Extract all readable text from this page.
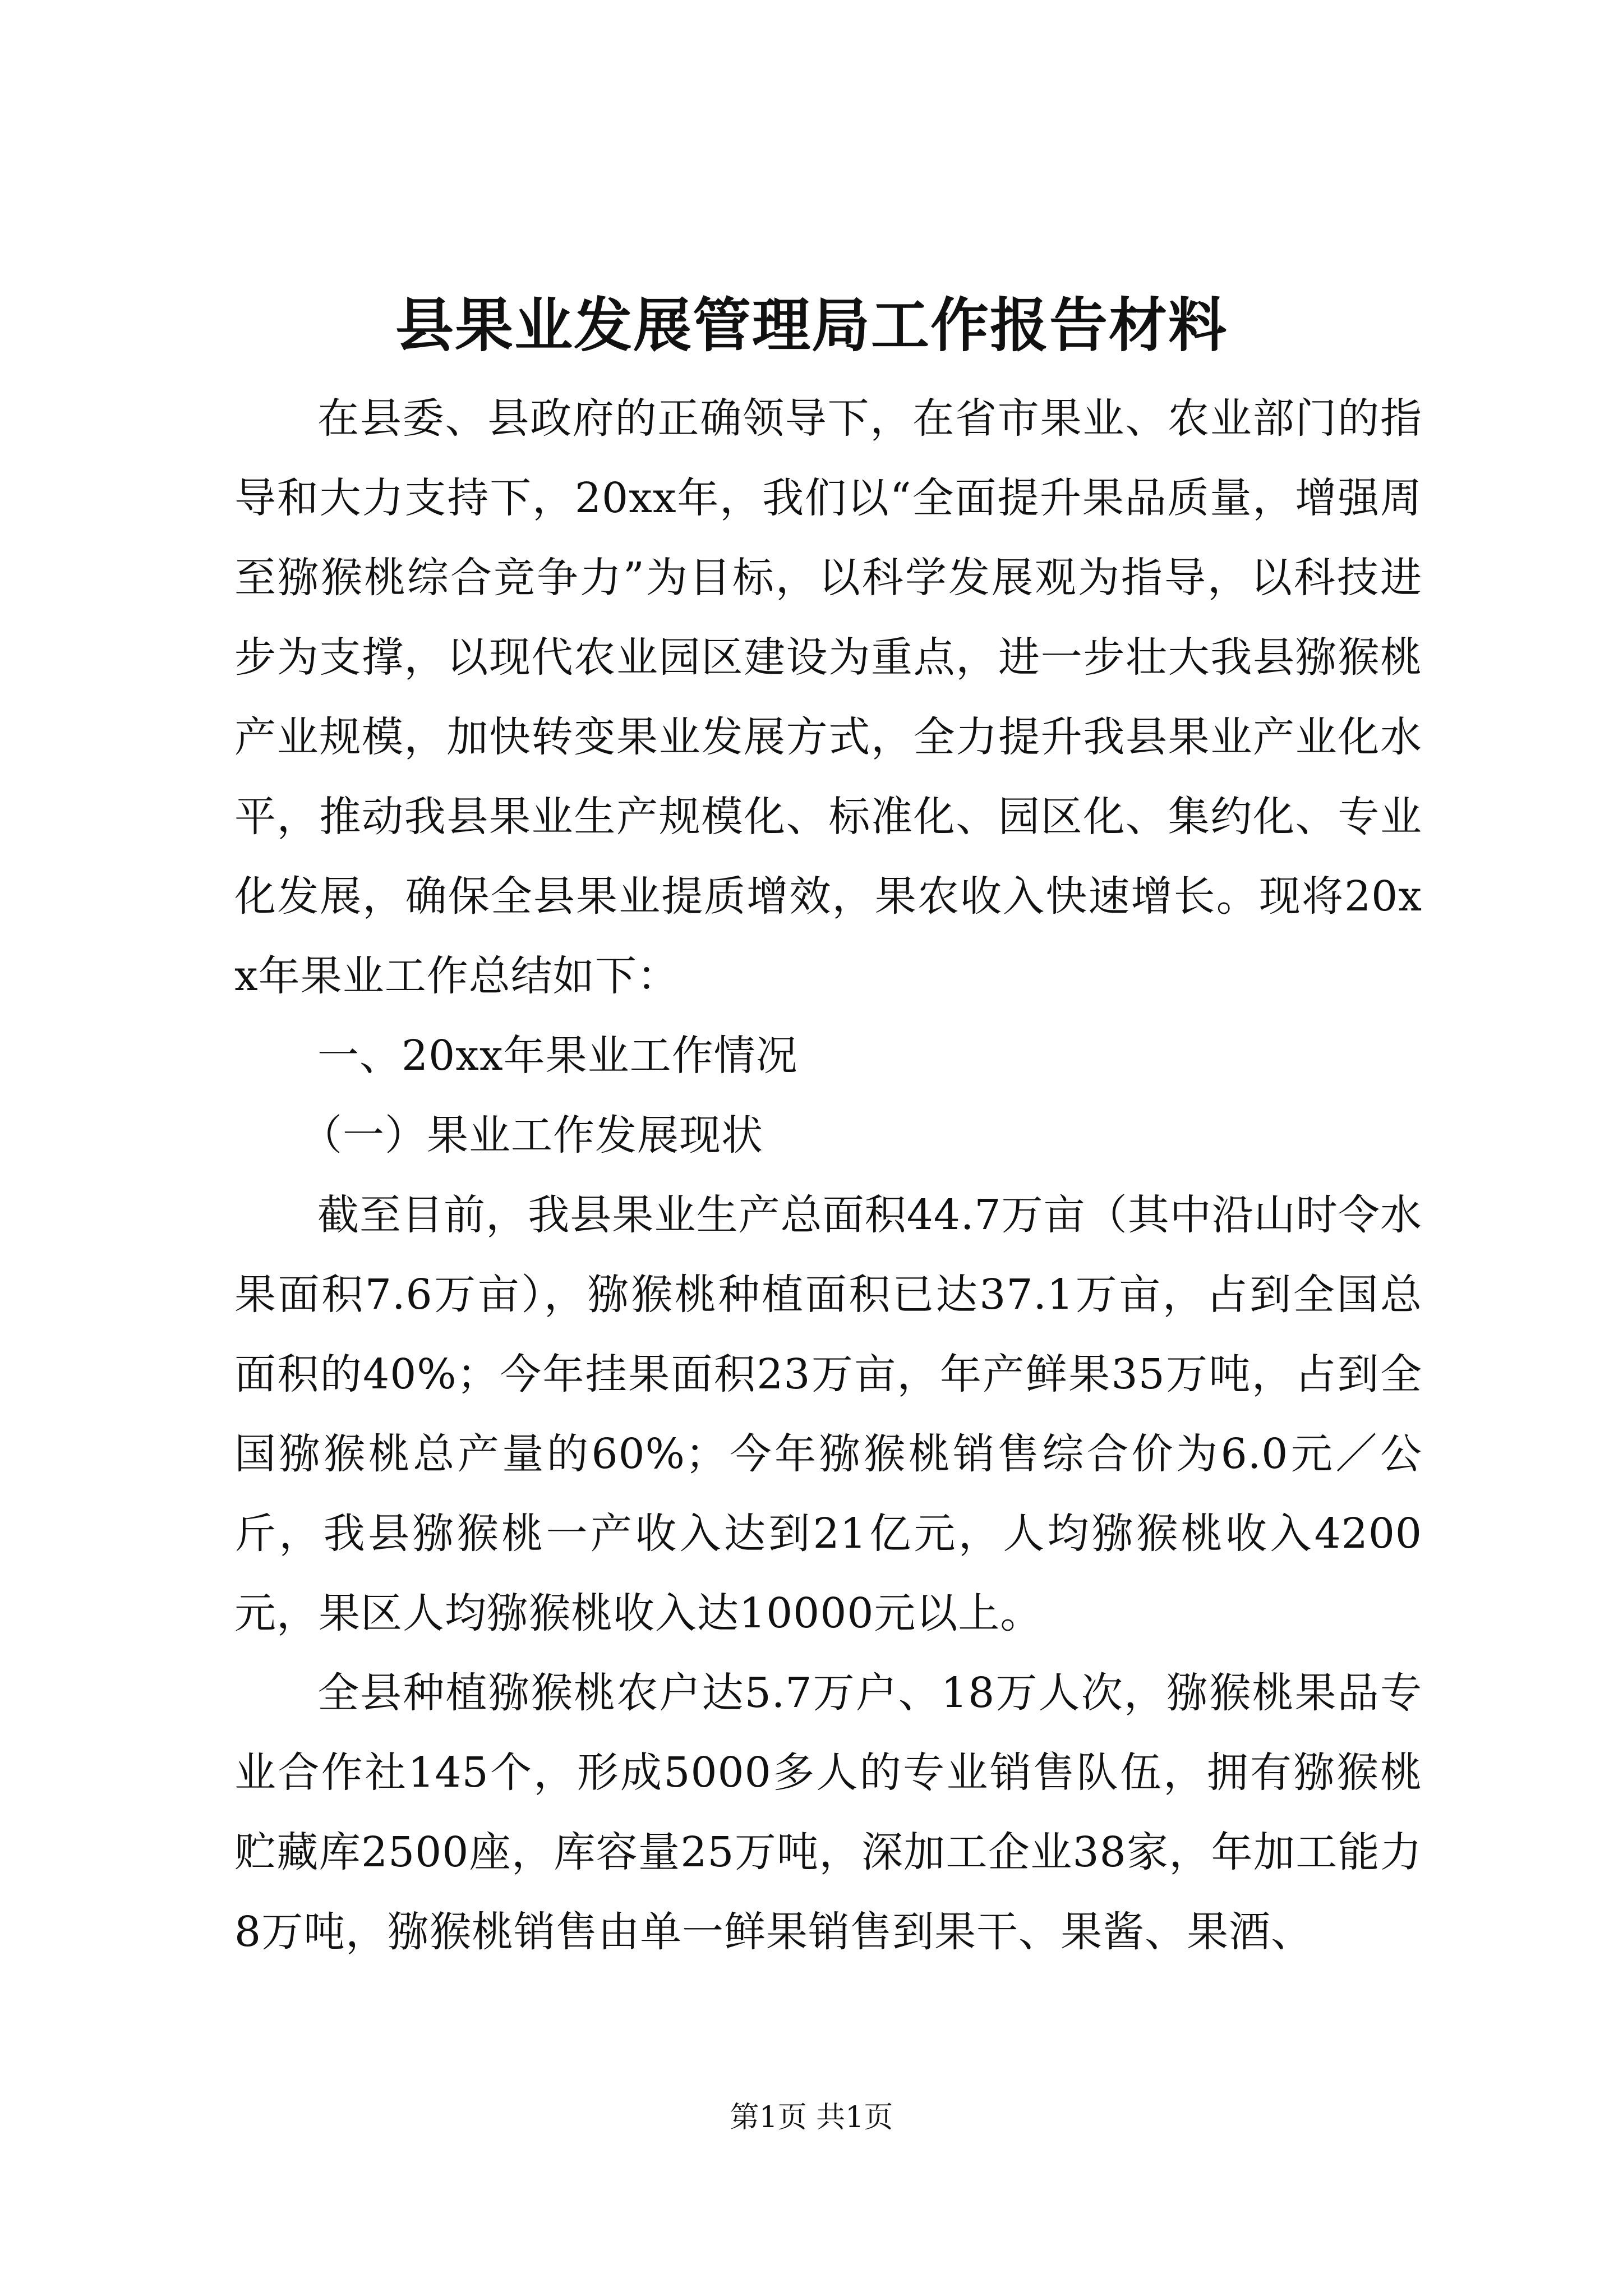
县果业发展管理局工作报告材料

在县委、县政府的正确领导下，在省市果业、农业部门的指导和大力支持下，20xx年，我们以“全面提升果品质量，增强周至猕猴桃综合竞争力”为目标，以科学发展观为指导，以科技进步为支撑，以现代农业园区建设为重点，进一步壮大我县猕猴桃产业规模，加快转变果业发展方式，全力提升我县果业产业化水平，推动我县果业生产规模化、标准化、园区化、集约化、专业化发展，确保全县果业提质增效，果农收入快速增长。现将20xx年果业工作总结如下：

一、20xx年果业工作情况

（一）果业工作发展现状

截至目前，我县果业生产总面积44.7万亩（其中沿山时令水果面积7.6万亩），猕猴桃种植面积已达37.1万亩，占到全国总面积的40%；今年挂果面积23万亩，年产鲜果35万吨，占到全国猕猴桃总产量的60%；今年猕猴桃销售综合价为6.0元／公斤，我县猕猴桃一产收入达到21亿元，人均猕猴桃收入4200元，果区人均猕猴桃收入达10000元以上。

全县种植猕猴桃农户达5.7万户、18万人次，猕猴桃果品专业合作社145个，形成5000多人的专业销售队伍，拥有猕猴桃贮藏库2500座，库容量25万吨，深加工企业38家，年加工能力8万吨，猕猴桃销售由单一鲜果销售到果干、果酱、果酒、

第1页 共1页
